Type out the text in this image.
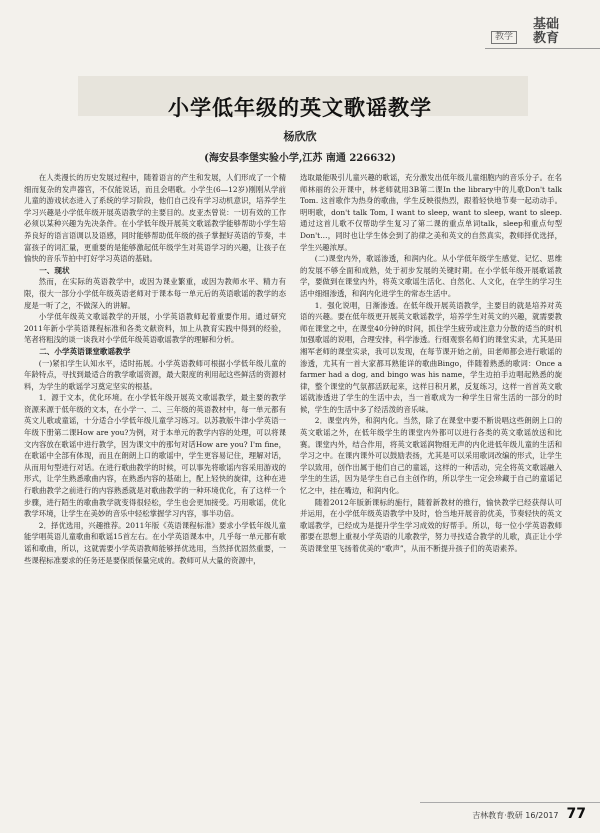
教学
基础
教育
小学低年级的英文歌谣教学
杨欣欣
(海安县李堡实验小学,江苏 南通 226632)

在人类漫长的历史发展过程中，随着语言的产生和发展，人们形成了一个精细而复杂的发声器官，不仅能说话，而且会唱歌。小学生(6—12岁)刚刚从学前儿童的游戏状态进入了系统的学习阶段，他们自己没有学习动机意识，培养学生学习兴趣是小学低年级开展英语教学的主要目的。皮亚杰曾说：一切有效的工作必须以某种兴趣为先决条件。在小学低年级开展英文歌谣教学能够帮助小学生培养良好的语言语调以及语感，同时能够帮助低年级的孩子掌握好英语的节奏，丰富孩子的词汇量，更重要的是能够激起低年级学生对英语学习的兴趣，让孩子在愉快的音乐节拍中打好学习英语的基础。

一、现状

然而，在实际的英语教学中，或因为课业繁重，或因为教师水平、精力有限，很大一部分小学低年级英语老师对于课本每一单元后的英语歌谣的教学的态度是一听了之，不做深入的讲解。

小学低年级英文歌谣教学的开展，小学英语教师起着重要作用。通过研究2011年新小学英语课程标准和各类文献资料，加上从教育实践中得到的经验，笔者将粗浅的谈一谈我对小学低年级英语歌谣教学的理解和分析。

二、小学英语课堂歌谣教学

(一)紧扣学生认知水平，适时拓展。小学英语教师可根据小学低年级儿童的年龄特点，寻找到最适合的教学歌谣资源，最大限度的利用起这些鲜活的资源材料，为学生的歌谣学习奠定坚实的根基。

1．源于文本，优化环境。在小学低年级开展英文歌谣教学，最主要的教学资源来源于低年级的文本，在小学一、二、三年级的英语教材中，每一单元都有英文儿歌或童谣，十分适合小学低年级儿童学习练习。以苏教版牛津小学英语一年级下册第二课How are you?为例，对于本单元的教学内容的处理，可以将课文内容放在歌谣中进行教学，因为课文中的那句对话How are you? I'm fine，在歌谣中全部有体现，而且在朗朗上口的歌谣中，学生更容易记住，理解对话，从而用句型进行对话。在进行歌曲教学的时候，可以事先将歌谣内容采用游戏的形式，让学生熟悉歌曲内容，在熟悉内容的基础上，配上轻快的旋律，这种在进行歌曲教学之前进行的内容熟悉就是对歌曲教学的一种环境优化，有了这样一个步骤，进行陌生的歌曲教学就变得很轻松，学生也会更加接受。巧用歌谣，优化教学环境，让学生在美妙的音乐中轻松掌握学习内容，事半功倍。

2．择优选用，兴趣推荐。2011年版《英语课程标准》要求小学低年级儿童能学唱英语儿童歌曲和歌谣15首左右。在小学英语课本中，几乎每一单元都有歌谣和歌曲，所以，这就需要小学英语教师能够择优选用，当然择优固然重要，一些课程标准要求的任务还是要保质保量完成的。教师可从大量的资源中，

选取最能吸引儿童兴趣的歌谣，充分激发出低年级儿童细胞内的音乐分子。在名师林丽的公开课中，林老师就用3B第二课In the library中的儿歌Don't talk Tom. 这首歌作为热身的歌曲，学生反映很热烈，跟着轻快地节奏一起动动手。明明歌，don't talk Tom, I want to sleep, want to sleep, want to sleep.通过这首儿歌不仅帮助学生复习了第二课的重点单词talk，sleep和重点句型Don't…，同时也让学生体会到了韵律之美和英文的自然真实，教师择优选择，学生兴趣浓厚。

(二)课堂内外，歌谣渗透，和润内化。从小学低年级学生感觉、记忆、思维的发展不够全面和成熟，处于初步发展的关键时期。在小学低年级开展歌谣教学，要做到在课堂内外，将英文歌谣生活化、自然化、人文化，在学生的学习生活中细细渗透，和润内化进学生的常态生活中。

1．强化说唱，日渐渗透。在低年级开展英语教学，主要目的就是培养对英语的兴趣。要在低年级更开展英文歌谣教学，培养学生对英文的兴趣，就需要教师在课堂之中，在课堂40分钟的时间，抓住学生疲劳或注意力分散的适当的时机加强歌谣的说唱，合理安排，科学渗透。行细观察名师们的课堂实录，尤其是田湘军老师的课堂实录，我可以发现，在每节课开始之前，田老师都会进行歌谣的渗透，尤其有一首大家都耳熟能详的歌曲Bingo，伴随着熟悉的歌词：Once a farmer had a dog, and bingo was his name，学生边拍手边唱起熟悉的旋律，整个课堂的气氛都活跃起来，这样日积月累，反复练习，这样一首首英文歌谣就渗透进了学生的生活中去，当一首歌成为一种学生日常生活的一部分的时候，学生的生活中多了经活泼的音乐味。

2．课堂内外，和润内化。当然，除了在课堂中要不断说唱这些朗朗上口的英文歌谣之外，在低年级学生的课堂内外都可以进行各类的英文歌谣放送和比赛。课堂内外，结合作用，将英文歌谣润物细无声的内化进低年级儿童的生活和学习之中。在课内课外可以鼓励表扬，尤其是可以采用歌词改编的形式，让学生学以致用，创作出属于他们自己的童谣，这样的一种活动，完全将英文歌谣融入学生的生活，因为是学生自己自主创作的，所以学生一定会珍藏于自己的童谣记忆之中，挂在嘴边，和润内化。

随着2012年版新课标的施行，随着新教材的推行，愉快教学已经获得认可并运用，在小学低年级英语教学中及时，恰当地开展音韵优美，节奏轻快的英文歌谣教学，已经成为是提升学生学习成效的好帮手。所以，每一位小学英语教师都要在思想上重视小学英语的儿歌教学，努力寻找适合教学的儿歌，真正让小学英语课堂里飞扬着优美的“歌声”，从而不断提升孩子们的英语素养。

吉林教育·教研 16/2017 77
